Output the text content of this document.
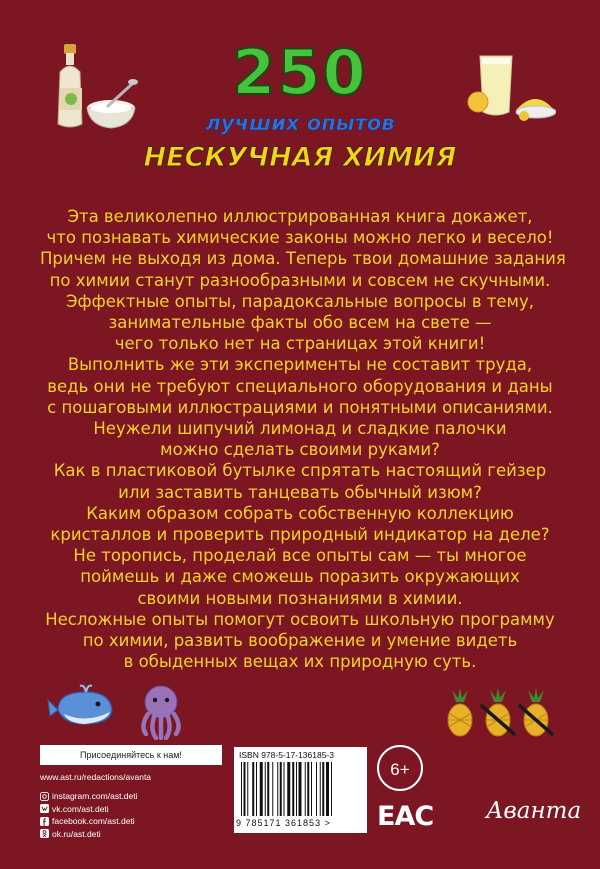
250
лучших опытов
НЕСКУЧНАЯ ХИМИЯ
Эта великолепно иллюстрированная книга докажет,
что познавать химические законы можно легко и весело!
Причем не выходя из дома. Теперь твои домашние задания
по химии станут разнообразными и совсем не скучными.
Эффектные опыты, парадоксальные вопросы в тему,
занимательные факты обо всем на свете —
чего только нет на страницах этой книги!
Выполнить же эти эксперименты не составит труда,
ведь они не требуют специального оборудования и даны
с пошаговыми иллюстрациями и понятными описаниями.
Неужели шипучий лимонад и сладкие палочки
можно сделать своими руками?
Как в пластиковой бутылке спрятать настоящий гейзер
или заставить танцевать обычный изюм?
Каким образом собрать собственную коллекцию
кристаллов и проверить природный индикатор на деле?
Не торопись, проделай все опыты сам — ты многое
поймешь и даже сможешь поразить окружающих
своими новыми познаниями в химии.
Несложные опыты помогут освоить школьную программу
по химии, развить воображение и умение видеть
в обыденных вещах их природную суть.
Присоединяйтесь к нам!
www.ast.ru/redactions/avanta
instagram.com/ast.deti
vk.com/ast.deti
facebook.com/ast.deti
ok.ru/ast.deti
ISBN 978-5-17-136185-3
9 785171 361853 >
6+
ЕАС Аванта
